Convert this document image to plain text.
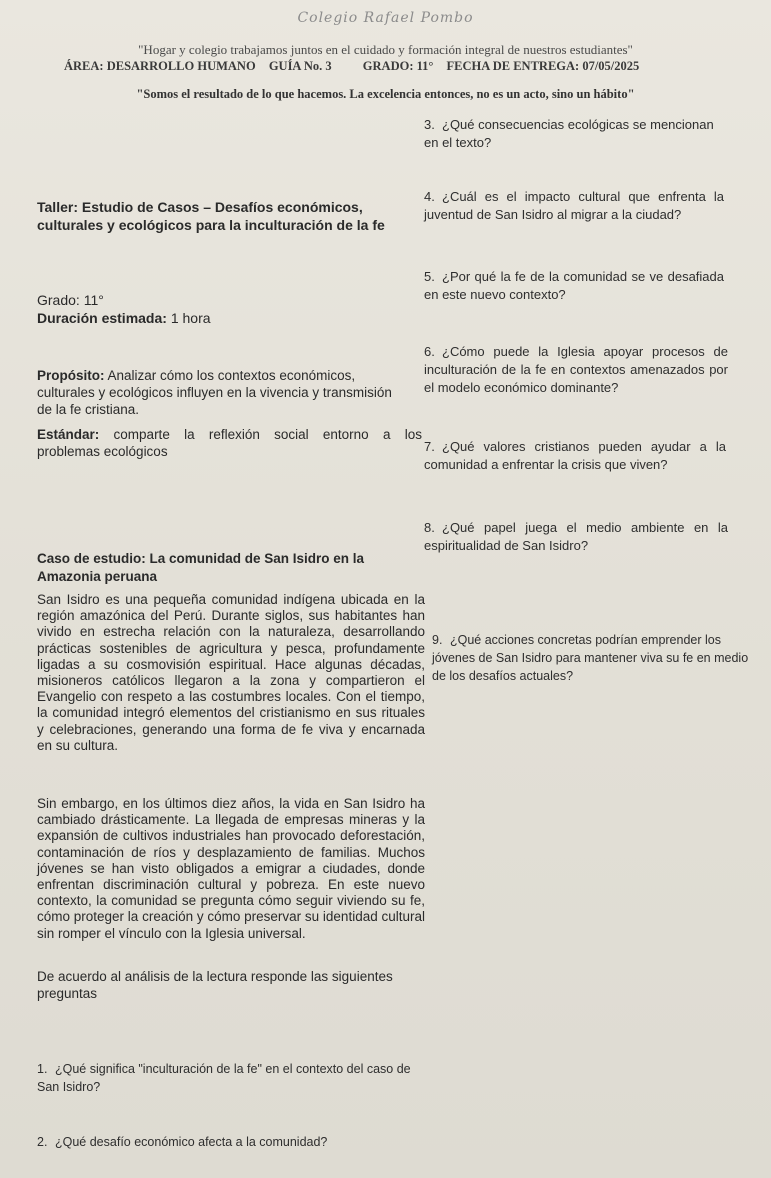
Colegio Rafael Pombo
"Hogar y colegio trabajamos juntos en el cuidado y formación integral de nuestros estudiantes"
ÁREA: DESARROLLO HUMANO GUÍA No. 3 GRADO: 11° FECHA DE ENTREGA: 07/05/2025
"Somos el resultado de lo que hacemos. La excelencia entonces, no es un acto, sino un hábito"
Taller: Estudio de Casos – Desafíos económicos,
culturales y ecológicos para la inculturación de la fe
Grado: 11°
Duración estimada: 1 hora
Propósito: Analizar cómo los contextos económicos,
culturales y ecológicos influyen en la vivencia y transmisión
de la fe cristiana.
Estándar: comparte la reflexión social entorno a los
problemas ecológicos
Caso de estudio: La comunidad de San Isidro en la
Amazonia peruana
San Isidro es una pequeña comunidad indígena ubicada en la región amazónica del Perú. Durante siglos, sus habitantes han vivido en estrecha relación con la naturaleza, desarrollando prácticas sostenibles de agricultura y pesca, profundamente ligadas a su cosmovisión espiritual. Hace algunas décadas, misioneros católicos llegaron a la zona y compartieron el Evangelio con respeto a las costumbres locales. Con el tiempo, la comunidad integró elementos del cristianismo en sus rituales y celebraciones, generando una forma de fe viva y encarnada en su cultura.
Sin embargo, en los últimos diez años, la vida en San Isidro ha cambiado drásticamente. La llegada de empresas mineras y la expansión de cultivos industriales han provocado deforestación, contaminación de ríos y desplazamiento de familias. Muchos jóvenes se han visto obligados a emigrar a ciudades, donde enfrentan discriminación cultural y pobreza. En este nuevo contexto, la comunidad se pregunta cómo seguir viviendo su fe, cómo proteger la creación y cómo preservar su identidad cultural sin romper el vínculo con la Iglesia universal.
De acuerdo al análisis de la lectura responde las siguientes preguntas
1. ¿Qué significa "inculturación de la fe" en el contexto del caso de San Isidro?
2. ¿Qué desafío económico afecta a la comunidad?
3. ¿Qué consecuencias ecológicas se mencionan en el texto?
4. ¿Cuál es el impacto cultural que enfrenta la juventud de San Isidro al migrar a la ciudad?
5. ¿Por qué la fe de la comunidad se ve desafiada en este nuevo contexto?
6. ¿Cómo puede la Iglesia apoyar procesos de inculturación de la fe en contextos amenazados por el modelo económico dominante?
7. ¿Qué valores cristianos pueden ayudar a la comunidad a enfrentar la crisis que viven?
8. ¿Qué papel juega el medio ambiente en la espiritualidad de San Isidro?
9. ¿Qué acciones concretas podrían emprender los jóvenes de San Isidro para mantener viva su fe en medio de los desafíos actuales?
